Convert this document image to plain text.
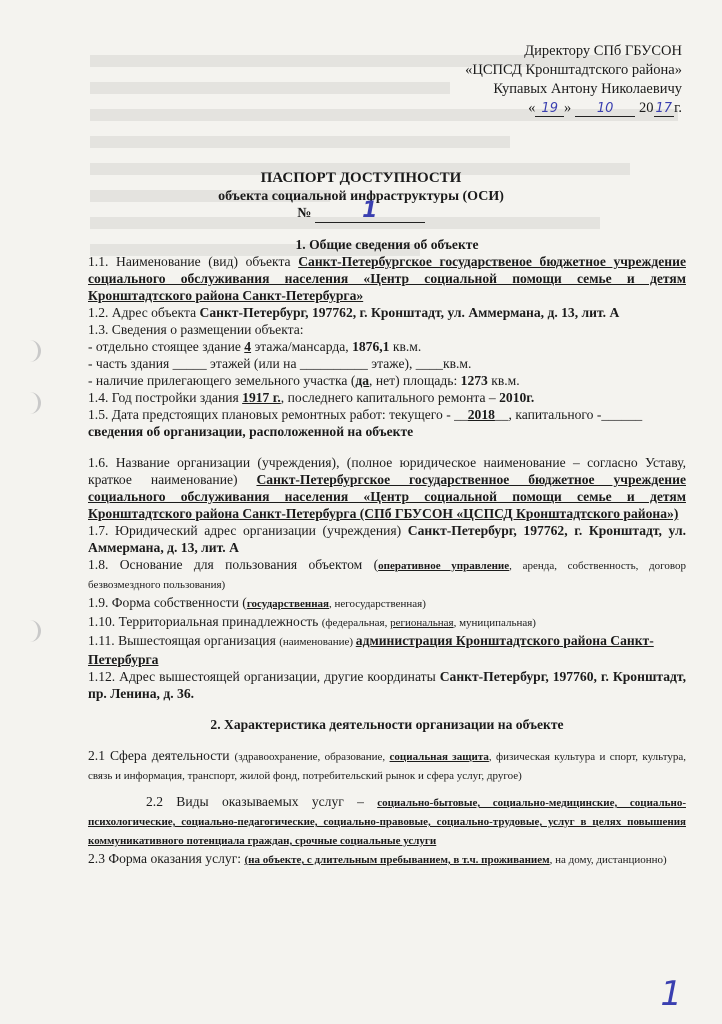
Директору СПб ГБУСОН
«ЦСПСД Кронштадтского района»
Купавых Антону Николаевичу
« 19 » 10 20 17 г.
ПАСПОРТ ДОСТУПНОСТИ
объекта социальной инфраструктуры (ОСИ)
№ 1

1. Общие сведения об объекте

1.1. Наименование (вид) объекта Санкт-Петербургское государственое бюджетное учреждение социального обслуживания населения «Центр социальной помощи семье и детям Кронштадтского района Санкт-Петербурга»

1.2. Адрес объекта Санкт-Петербург, 197762, г. Кронштадт, ул. Аммермана, д. 13, лит. А

1.3. Сведения о размещении объекта:

- отдельно стоящее здание 4 этажа/мансарда, 1876,1 кв.м.

- часть здания _____ этажей (или на __________ этаже), ____кв.м.

- наличие прилегающего земельного участка (да, нет) площадь: 1273 кв.м.

1.4. Год постройки здания 1917 г., последнего капитального ремонта – 2010г.

1.5. Дата предстоящих плановых ремонтных работ: текущего - __2018__, капитального -______

сведения об организации, расположенной на объекте

1.6. Название организации (учреждения), (полное юридическое наименование – согласно Уставу, краткое наименование) Санкт-Петербургское государственное бюджетное учреждение социального обслуживания населения «Центр социальной помощи семье и детям Кронштадтского района Санкт-Петербурга (СПб ГБУСОН «ЦСПСД Кронштадтского района»)

1.7. Юридический адрес организации (учреждения) Санкт-Петербург, 197762, г. Кронштадт, ул. Аммермана, д. 13, лит. А

1.8. Основание для пользования объектом (оперативное управление, аренда, собственность, договор безвозмездного пользования)

1.9. Форма собственности (государственная, негосударственная)

1.10. Территориальная принадлежность (федеральная, региональная, муниципальная)

1.11. Вышестоящая организация (наименование) администрация Кронштадтского района Санкт-Петербурга

1.12. Адрес вышестоящей организации, другие координаты Санкт-Петербург, 197760, г. Кронштадт, пр. Ленина, д. 36.

2. Характеристика деятельности организации на объекте

2.1 Сфера деятельности (здравоохранение, образование, социальная защита, физическая культура и спорт, культура, связь и информация, транспорт, жилой фонд, потребительский рынок и сфера услуг, другое)

2.2 Виды оказываемых услуг – социально-бытовые, социально-медицинские, социально-психологические, социально-педагогические, социально-правовые, социально-трудовые, услуг в целях повышения коммуникативного потенциала граждан, срочные социальные услуги

2.3 Форма оказания услуг: (на объекте, с длительным пребыванием, в т.ч. проживанием, на дому, дистанционно)

1
